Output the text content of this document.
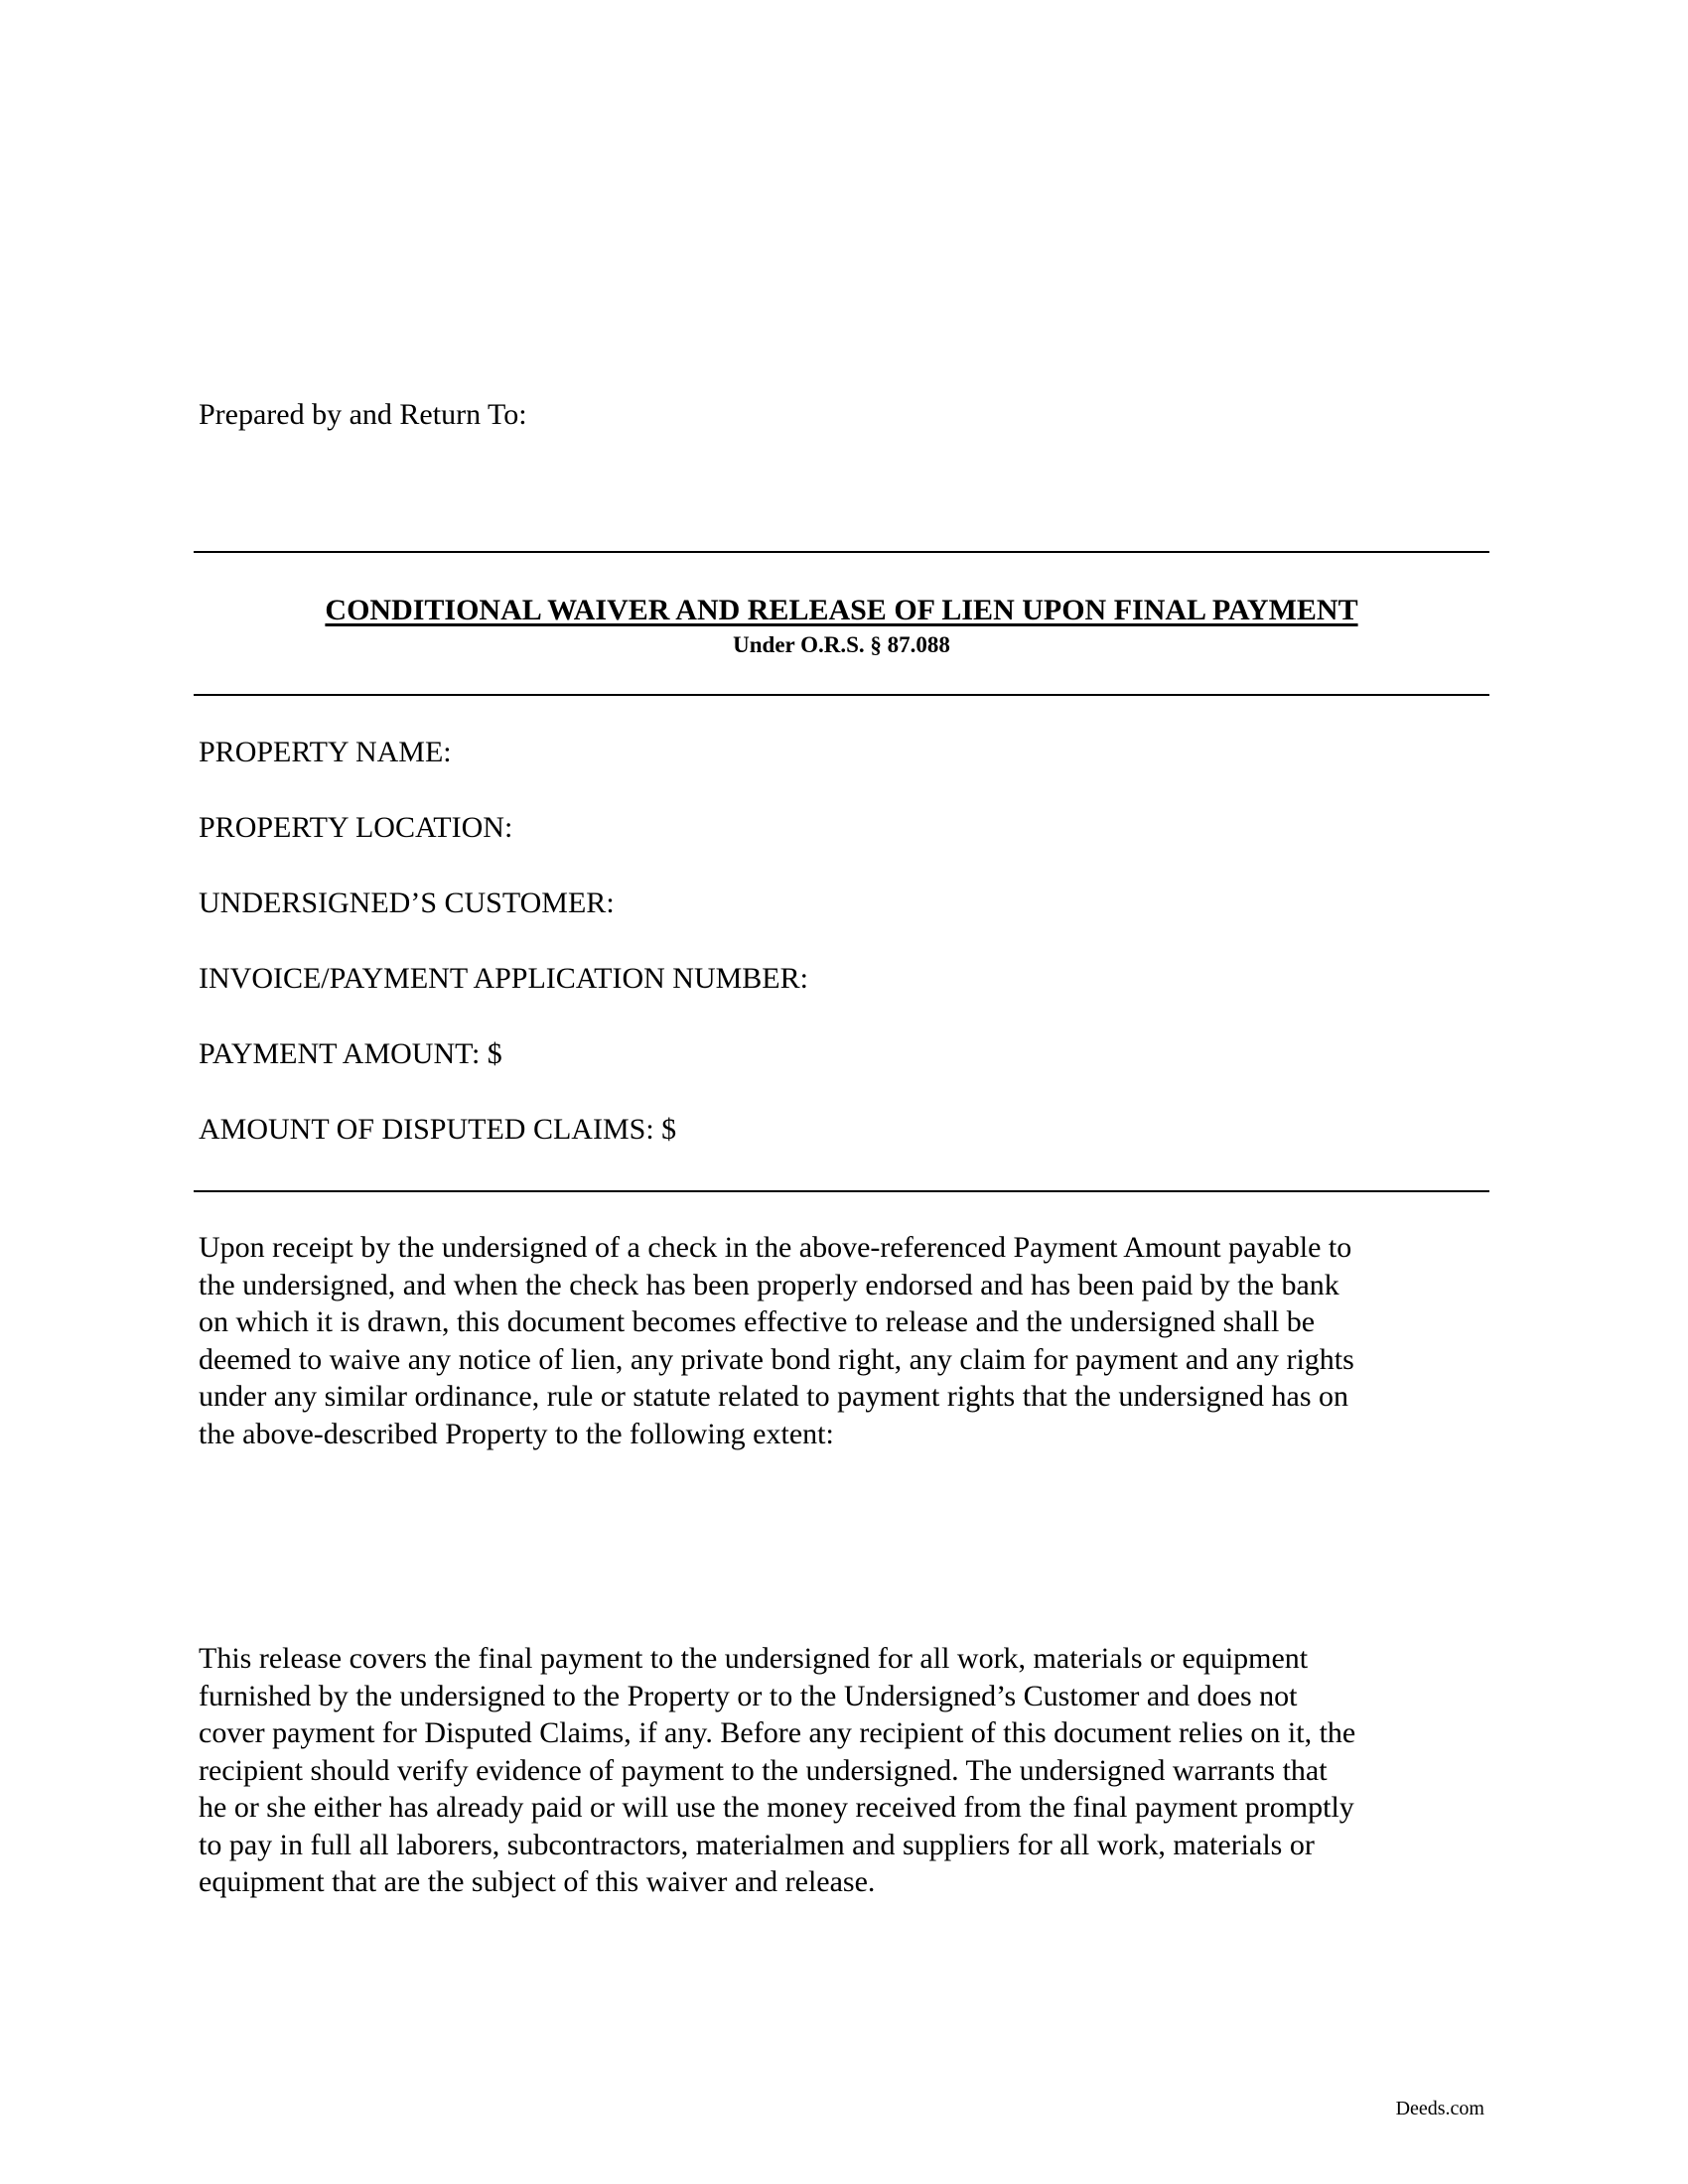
Prepared by and Return To:
CONDITIONAL WAIVER AND RELEASE OF LIEN UPON FINAL PAYMENT
Under O.R.S. § 87.088
PROPERTY NAME:
PROPERTY LOCATION:
UNDERSIGNED’S CUSTOMER:
INVOICE/PAYMENT APPLICATION NUMBER:
PAYMENT AMOUNT: $
AMOUNT OF DISPUTED CLAIMS: $
Upon receipt by the undersigned of a check in the above-referenced Payment Amount payable to
the undersigned, and when the check has been properly endorsed and has been paid by the bank
on which it is drawn, this document becomes effective to release and the undersigned shall be
deemed to waive any notice of lien, any private bond right, any claim for payment and any rights
under any similar ordinance, rule or statute related to payment rights that the undersigned has on
the above-described Property to the following extent:
This release covers the final payment to the undersigned for all work, materials or equipment
furnished by the undersigned to the Property or to the Undersigned’s Customer and does not
cover payment for Disputed Claims, if any. Before any recipient of this document relies on it, the
recipient should verify evidence of payment to the undersigned. The undersigned warrants that
he or she either has already paid or will use the money received from the final payment promptly
to pay in full all laborers, subcontractors, materialmen and suppliers for all work, materials or
equipment that are the subject of this waiver and release.
Deeds.com
